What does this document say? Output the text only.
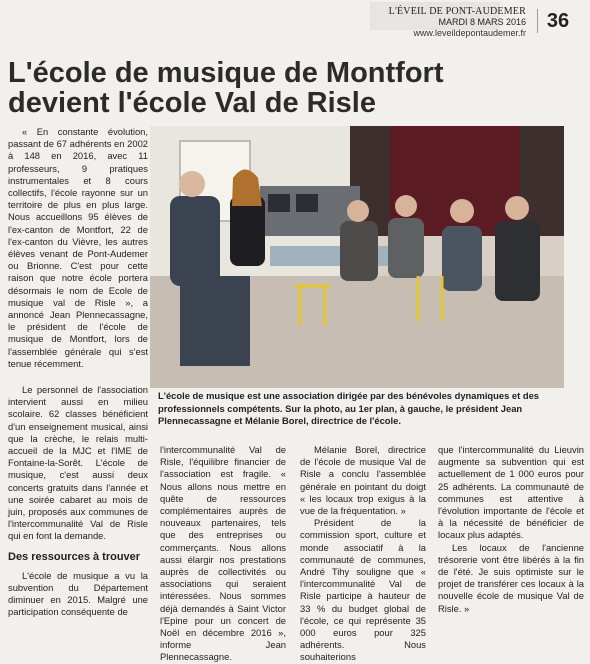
L'ÉVEIL DE PONT-AUDEMER
MARDI 8 MARS 2016
www.leveildepontaudemer.fr
36
L'école de musique de Montfort
devient l'école Val de Risle

« En constante évolution, passant de 67 adhérents en 2002 à 148 en 2016, avec 11 professeurs, 9 pratiques instrumentales et 8 cours collectifs, l'école rayonne sur un territoire de plus en plus large. Nous accueillons 95 élèves de l'ex-canton de Montfort, 22 de l'ex-canton du Vièvre, les autres élèves venant de Pont-Audemer ou Brionne. C'est pour cette raison que notre école portera désormais le nom de Ecole de musique val de Risle », a annoncé Jean Plennecassagne, le président de l'école de musique de Montfort, lors de l'assemblée générale qui s'est tenue récemment.

L'école de musique est une association dirigée par des bénévoles dynamiques et des professionnels compétents. Sur la photo, au 1er plan, à gauche, le président Jean Plennecassagne et Mélanie Borel, directrice de l'école.

Le personnel de l'association intervient aussi en milieu scolaire. 62 classes bénéficient d'un enseignement musical, ainsi que la crèche, le relais multi-accueil de la MJC et l'IME de Fontaine-la-Sorêt. L'école de musique, c'est aussi deux concerts gratuits dans l'année et une soirée cabaret au mois de juin, proposés aux communes de l'intercommunalité Val de Risle qui en font la demande.

Des ressources à trouver

L'école de musique a vu la subvention du Département diminuer en 2015. Malgré une participation conséquente de

l'intercommunalité Val de Risle, l'équilibre financier de l'association est fragile. « Nous allons nous mettre en quête de ressources complémentaires auprès de nouveaux partenaires, tels que des entreprises ou commerçants. Nous allons aussi élargir nos prestations auprès de collectivités ou associations qui seraient intéressées. Nous sommes déjà demandés à Saint Victor l'Epine pour un concert de Noël en décembre 2016 », informe Jean Plennecassagne.

Mélanie Borel, directrice de l'école de musique Val de Risle a conclu l'assemblée générale en pointant du doigt « les locaux trop exigus à la vue de la fréquentation. »

Président de la commission sport, culture et monde associatif à la communauté de communes, André Tihy souligne que « l'intercommunalité Val de Risle participe à hauteur de 33 % du budget global de l'école, ce qui représente 35 000 euros pour 325 adhérents. Nous souhaiterions

que l'intercommunalité du Lieuvin augmente sa subvention qui est actuellement de 1 000 euros pour 25 adhérents. La communauté de communes est attentive à l'évolution importante de l'école et à la nécessité de bénéficier de locaux plus adaptés.

Les locaux de l'ancienne trésorerie vont être libérés à la fin de l'été. Je suis optimiste sur le projet de transférer ces locaux à la nouvelle école de musique Val de Risle. »
